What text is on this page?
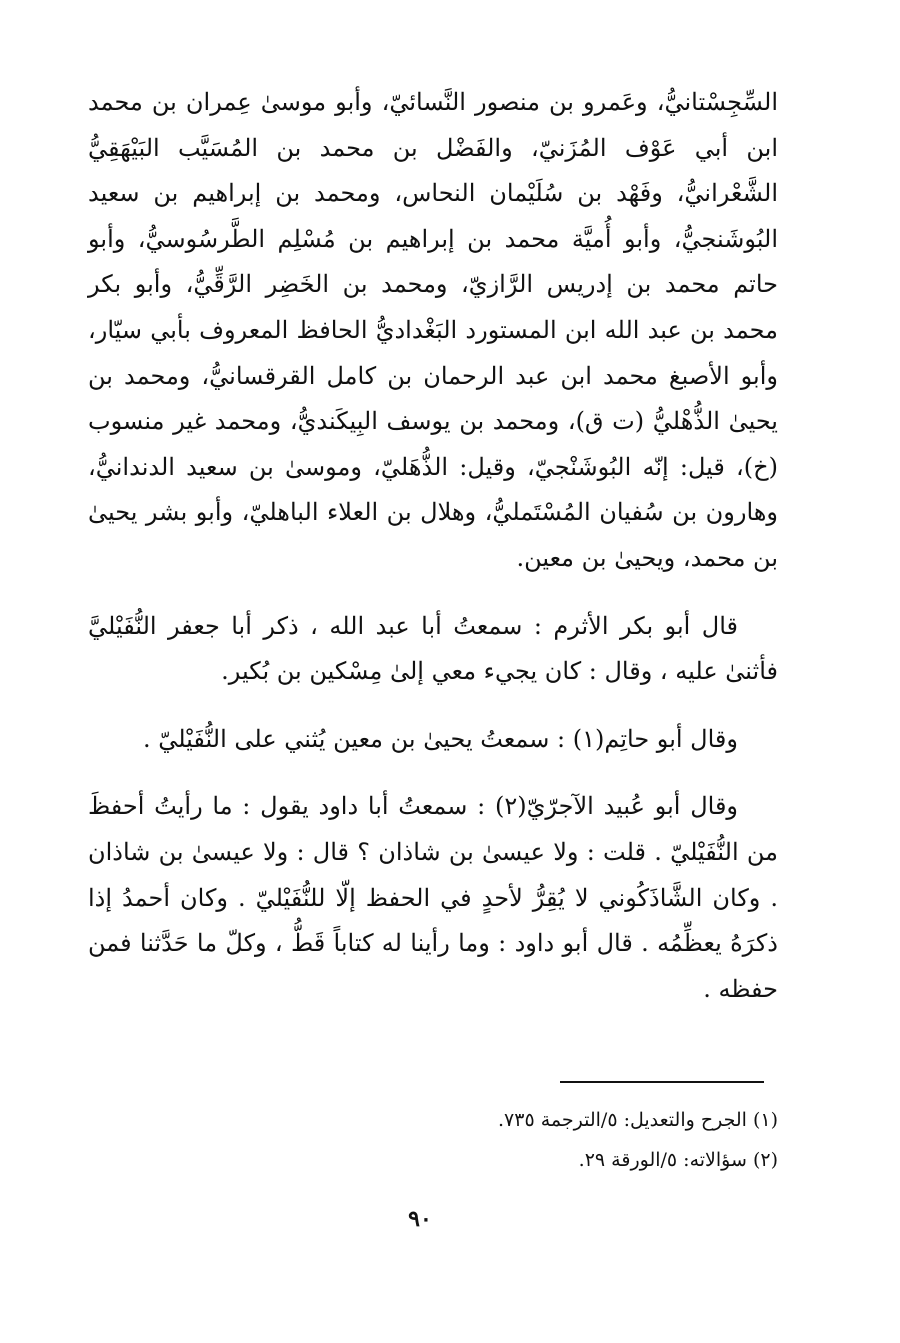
السِّجِسْتانيُّ، وعَمرو بن منصور النَّسائيّ، وأبو موسىٰ عِمران بن محمد ابن أبي عَوْف المُزَنيّ، والفَضْل بن محمد بن المُسَيَّب البَيْهَقِيُّ الشَّعْرانيُّ، وفَهْد بن سُلَيْمان النحاس، ومحمد بن إبراهيم بن سعيد البُوشَنجيُّ، وأبو أُميَّة محمد بن إبراهيم بن مُسْلِم الطَّرسُوسيُّ، وأبو حاتم محمد بن إدريس الرَّازيّ، ومحمد بن الخَضِر الرَّقِّيُّ، وأبو بكر محمد بن عبد الله ابن المستورد البَغْداديُّ الحافظ المعروف بأبي سيّار، وأبو الأصبغ محمد ابن عبد الرحمان بن كامل القرقسانيُّ، ومحمد بن يحيىٰ الذُّهْليُّ (ت ق)، ومحمد بن يوسف البِيكَنديُّ، ومحمد غير منسوب (خ)، قيل: إنّه البُوشَنْجيّ، وقيل: الذُّهَليّ، وموسىٰ بن سعيد الدندانيُّ، وهارون بن سُفيان المُسْتَمليُّ، وهلال بن العلاء الباهليّ، وأبو بشر يحيىٰ بن محمد، ويحيىٰ بن معين.

قال أبو بكر الأثرم : سمعتُ أبا عبد الله ، ذكر أبا جعفر النُّفَيْليَّ فأثنىٰ عليه ، وقال : كان يجيء معي إلىٰ مِسْكين بن بُكير.

وقال أبو حاتِم(١) : سمعتُ يحيىٰ بن معين يُثني على النُّفَيْليّ .

وقال أبو عُبيد الآجرّيّ(٢) : سمعتُ أبا داود يقول : ما رأيتُ أحفظَ من النُّفَيْليّ . قلت : ولا عيسىٰ بن شاذان ؟ قال : ولا عيسىٰ بن شاذان . وكان الشَّاذَكُوني لا يُقِرُّ لأحدٍ في الحفظ إلّا للنُّفَيْليّ . وكان أحمدُ إذا ذكرَهُ يعظِّمُه . قال أبو داود : وما رأينا له كتاباً قَطُّ ، وكلّ ما حَدَّثنا فمن حفظه .

(١) الجرح والتعديل: ٥/الترجمة ٧٣٥.

(٢) سؤالاته: ٥/الورقة ٢٩.

٩٠
